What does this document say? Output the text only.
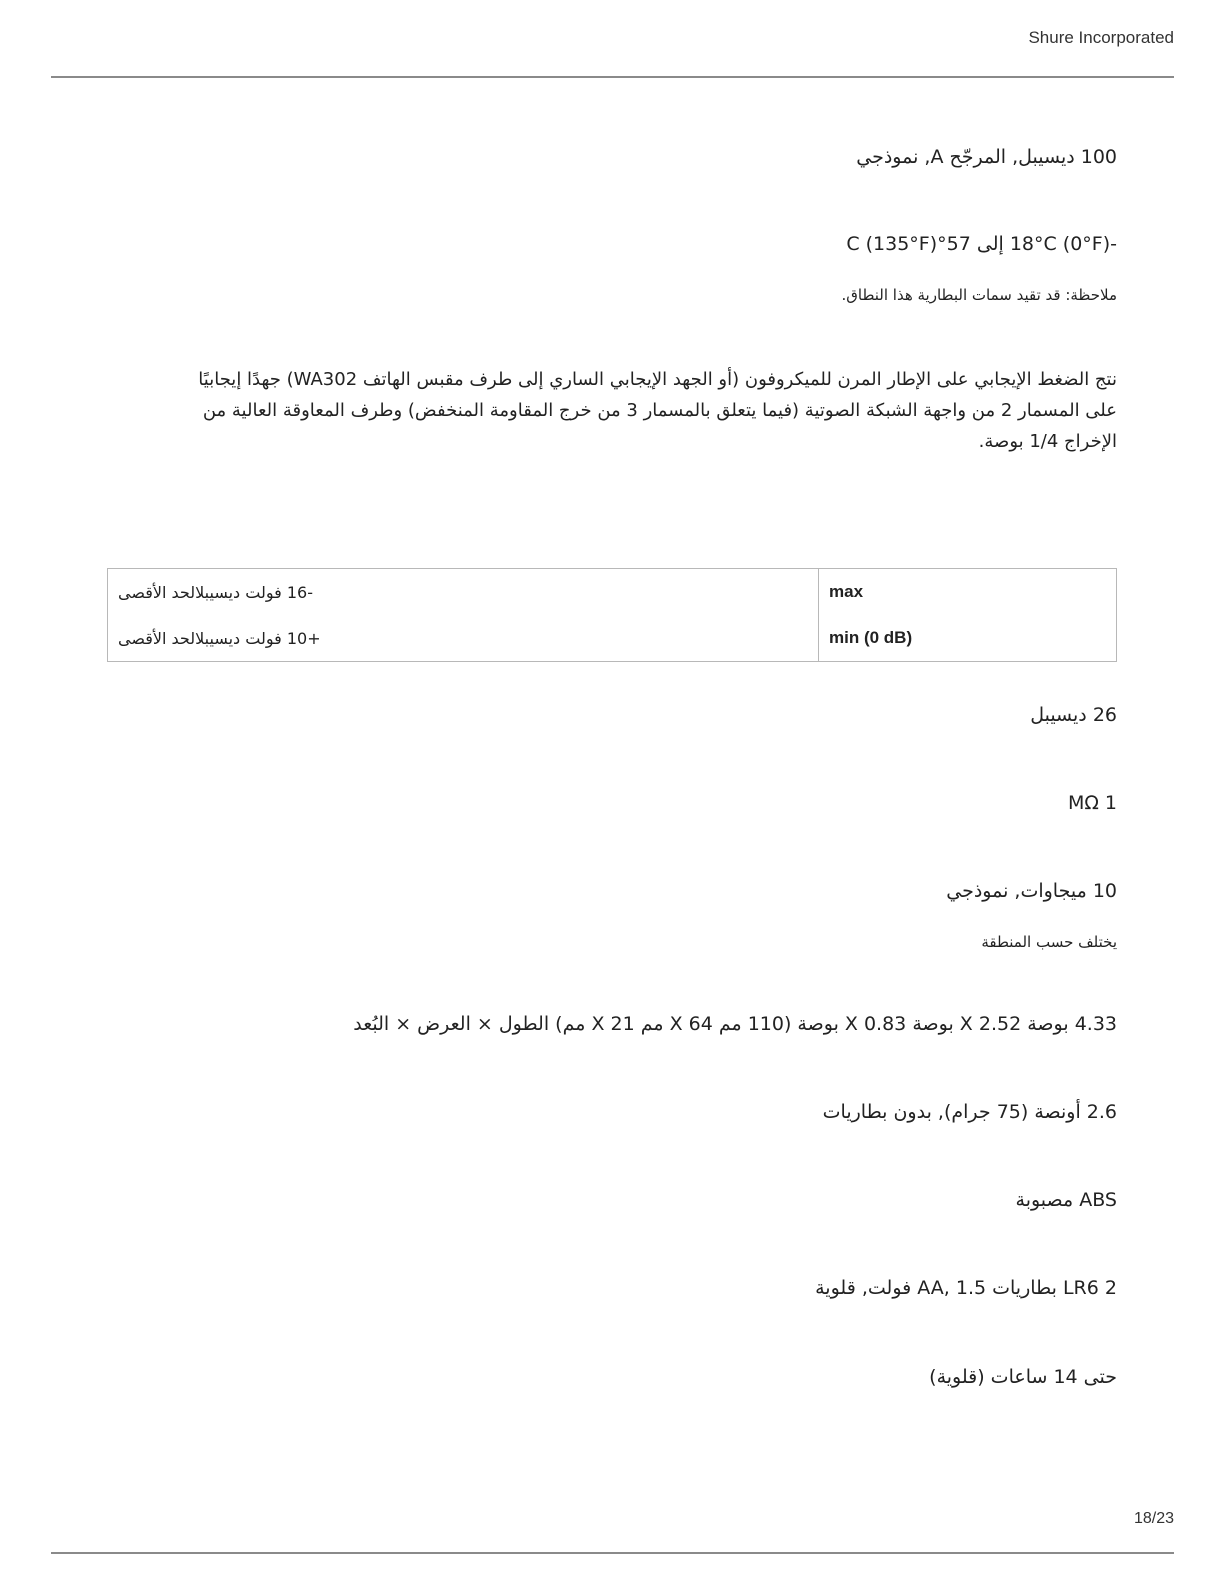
Shure Incorporated
100 ديسيبل, المرجّح A, نموذجي
-18°C (0°F) إلى 57°C (135°F)
ملاحظة: قد تقيد سمات البطارية هذا النطاق.
نتج الضغط الإيجابي على الإطار المرن للميكروفون (أو الجهد الإيجابي الساري إلى طرف مقبس الهاتف WA302) جهدًا إيجابيًا على المسمار 2 من واجهة الشبكة الصوتية (فيما يتعلق بالمسمار 3 من خرج المقاومة المنخفض) وطرف المعاوقة العالية من الإخراج 1/4 بوصة.
-16 فولت ديسيبلالحد الأقصى	max
+10 فولت ديسيبلالحد الأقصى	min (0 dB)
26 ديسيبل
1 MΩ
10 ميجاوات, نموذجي
يختلف حسب المنطقة
4.33 بوصة X 2.52 بوصة X 0.83 بوصة (110 مم X 64 مم X 21 مم) الطول × العرض × البُعد
2.6 أونصة (75 جرام), بدون بطاريات
ABS مصبوبة
2 LR6 بطاريات AA, 1.5 فولت, قلوية
حتى 14 ساعات (قلوية)
18/23
